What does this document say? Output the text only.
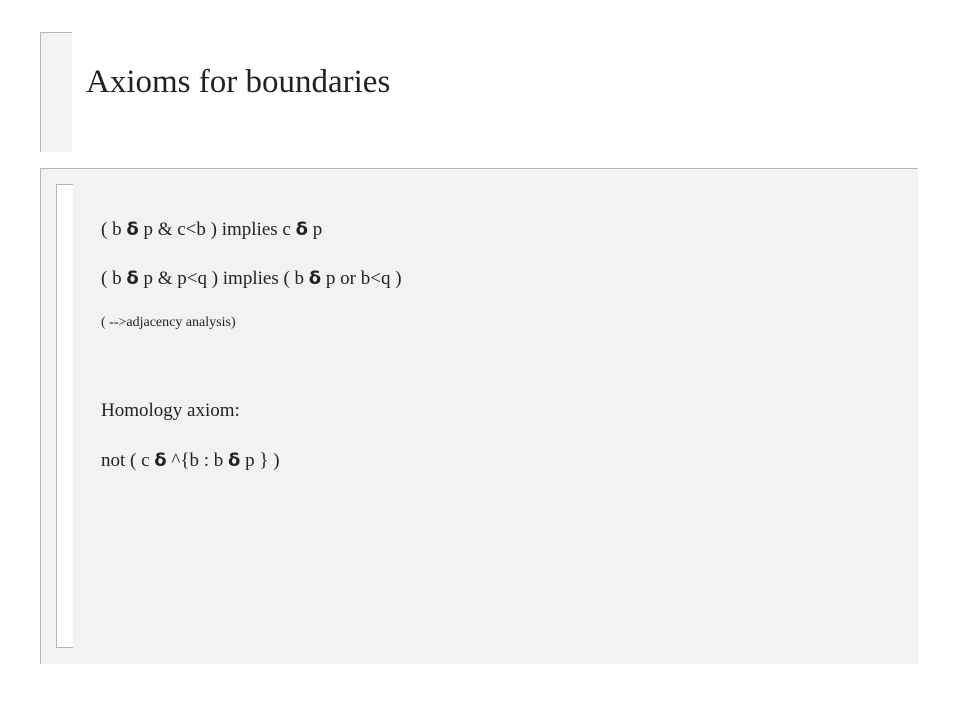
Axioms for boundaries
( b δ p & c<b ) implies c δ p
( b δ p & p<q ) implies ( b δ p or b<q )
( -->adjacency analysis)
Homology axiom:
not ( c δ ^{b : b δ p } )
